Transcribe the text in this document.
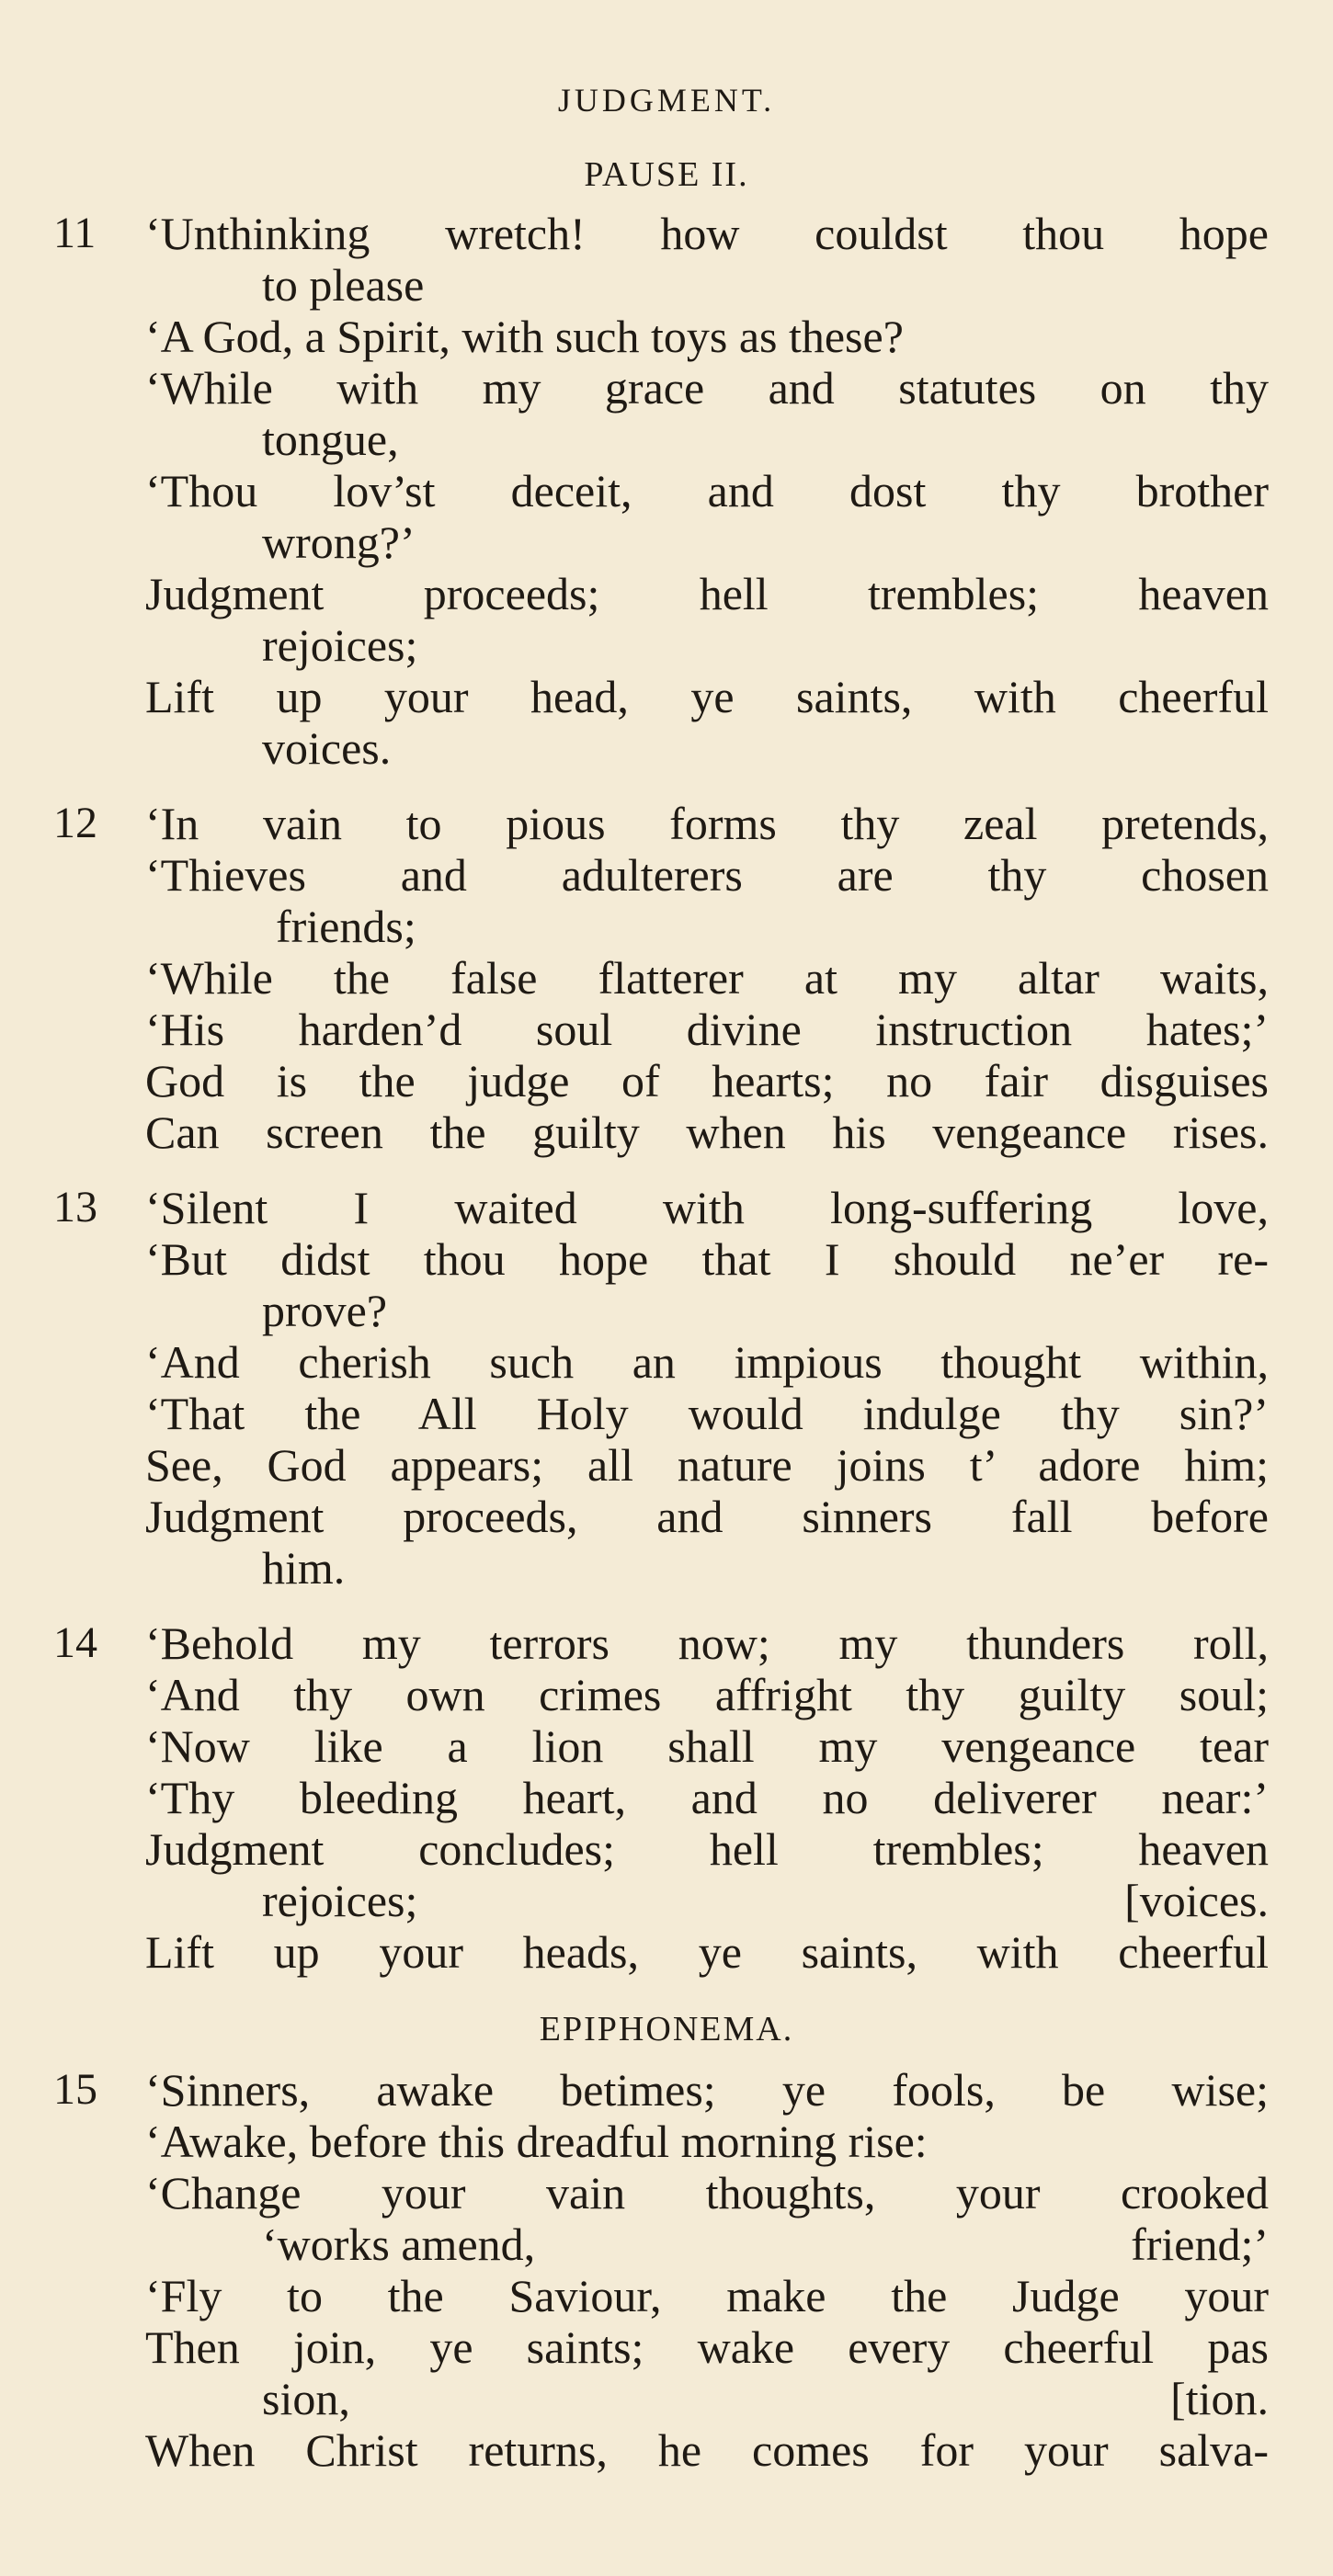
JUDGMENT.
PAUSE II.
11 ‘Unthinking wretch! how couldst thou hope
to please
‘A God, a Spirit, with such toys as these?
‘While with my grace and statutes on thy
tongue,
‘Thou lov’st deceit, and dost thy brother
wrong?’
Judgment proceeds; hell trembles; heaven
rejoices;
Lift up your head, ye saints, with cheerful
voices.
12 ‘In vain to pious forms thy zeal pretends,
‘Thieves and adulterers are thy chosen
friends;
‘While the false flatterer at my altar waits,
‘His harden’d soul divine instruction hates;’
God is the judge of hearts; no fair disguises
Can screen the guilty when his vengeance rises.
13 ‘Silent I waited with long-suffering love,
‘But didst thou hope that I should ne’er re-
prove?
‘And cherish such an impious thought within,
‘That the All Holy would indulge thy sin?’
See, God appears; all nature joins t’ adore him;
Judgment proceeds, and sinners fall before
him.
14 ‘Behold my terrors now; my thunders roll,
‘And thy own crimes affright thy guilty soul;
‘Now like a lion shall my vengeance tear
‘Thy bleeding heart, and no deliverer near:’
Judgment concludes; hell trembles; heaven
rejoices;	[voices.
Lift up your heads, ye saints, with cheerful
EPIPHONEMA.
15 ‘Sinners, awake betimes; ye fools, be wise;
‘Awake, before this dreadful morning rise:
‘Change your vain thoughts, your crooked
‘works amend,	friend;’
‘Fly to the Saviour, make the Judge your
Then join, ye saints; wake every cheerful pas
sion,	[tion.
When Christ returns, he comes for your salva-
